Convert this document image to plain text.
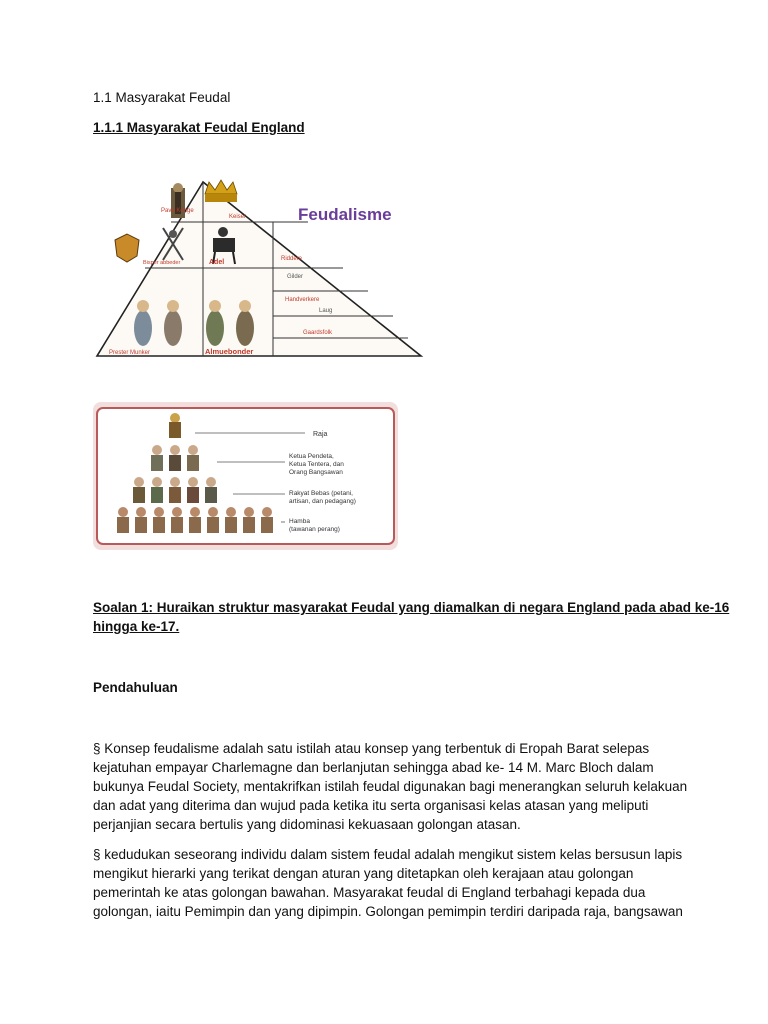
1.1 Masyarakat Feudal
1.1.1 Masyarakat Feudal England
Feudalisme
Pave Konge
Keiser
Bisper abbeder	Adel	Riddere
Gilder
Handverkere
Laug
Gaardsfolk
Prester Munker	Almuebonder
Raja
Ketua Pendeta,
Ketua Tentera, dan
Orang Bangsawan
Rakyat Bebas (petani,
artisan, dan pedagang)
Hamba
(tawanan perang)
Soalan 1: Huraikan struktur masyarakat Feudal yang diamalkan di negara England pada abad ke-16
hingga ke-17.
Pendahuluan

§ Konsep feudalisme adalah satu istilah atau konsep yang terbentuk di Eropah Barat selepas

kejatuhan empayar Charlemagne dan berlanjutan sehingga abad ke- 14 M. Marc Bloch dalam

bukunya Feudal Society, mentakrifkan istilah feudal digunakan bagi menerangkan seluruh kelakuan

dan adat yang diterima dan wujud pada ketika itu serta organisasi kelas atasan yang meliputi

perjanjian secara bertulis yang didominasi kekuasaan golongan atasan.

§ kedudukan seseorang individu dalam sistem feudal adalah mengikut sistem kelas bersusun lapis

mengikut hierarki yang terikat dengan aturan yang ditetapkan oleh kerajaan atau golongan

pemerintah ke atas golongan bawahan. Masyarakat feudal di England terbahagi kepada dua

golongan, iaitu Pemimpin dan yang dipimpin. Golongan pemimpin terdiri daripada raja, bangsawan
